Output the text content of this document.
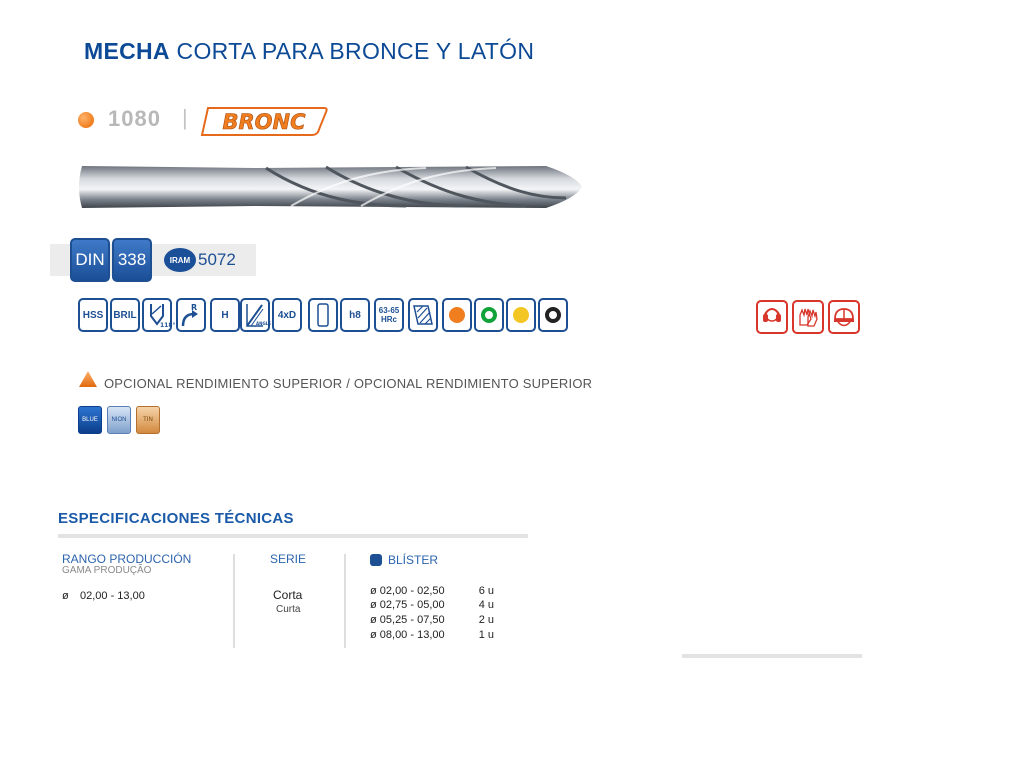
MECHA CORTA PARA BRONCE Y LATÓN
1080 | BRONC
DIN 338	IRAM 5072
HSS BRIL
118°
R
H
ANGLE
4xD	h8	63-65 HRc
OPCIONAL RENDIMIENTO SUPERIOR / OPCIONAL RENDIMIENTO SUPERIOR
BLUE	NION	TIN
ESPECIFICACIONES TÉCNICAS
RANGO PRODUCCIÓN
GAMA PRODUÇÃO
ø 02,00 - 13,00
SERIE
Corta
Curta
BLÍSTER
ø 02,00 - 02,50	6 u
ø 02,75 - 05,00	4 u
ø 05,25 - 07,50	2 u
ø 08,00 - 13,00	1 u
